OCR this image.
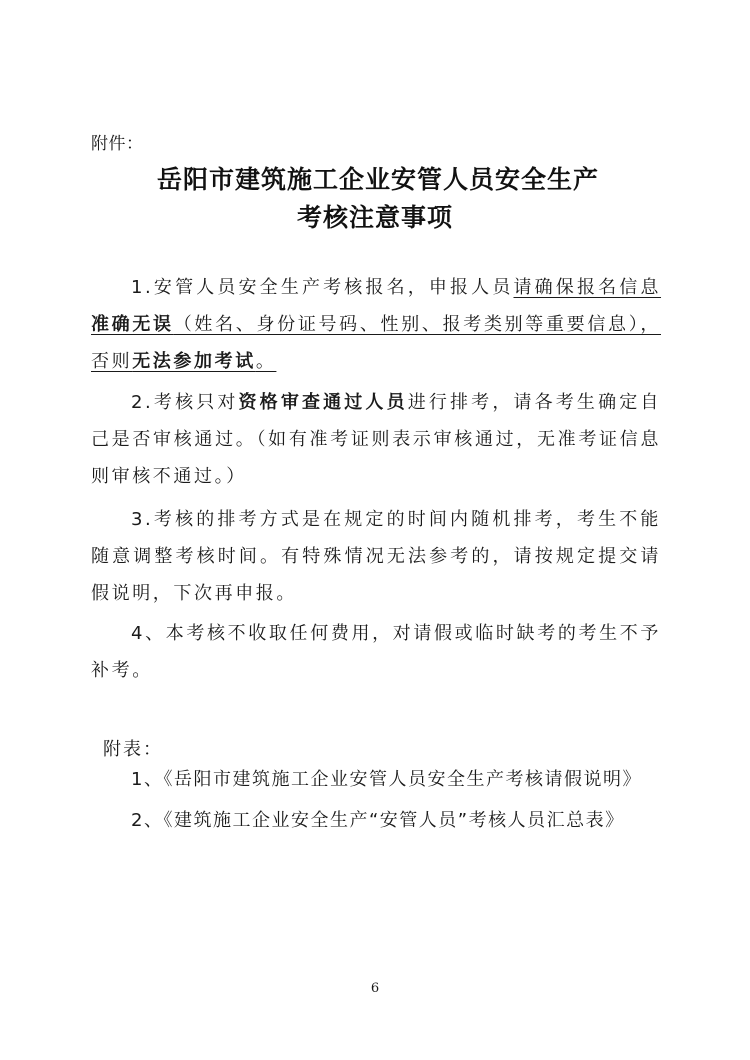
附件：
岳阳市建筑施工企业安管人员安全生产
考核注意事项
1.安管人员安全生产考核报名，申报人员请确保报名信息准确无误（姓名、身份证号码、性别、报考类别等重要信息），否则无法参加考试。
2.考核只对资格审查通过人员进行排考，请各考生确定自己是否审核通过。（如有准考证则表示审核通过，无准考证信息则审核不通过。）
3.考核的排考方式是在规定的时间内随机排考，考生不能随意调整考核时间。有特殊情况无法参考的，请按规定提交请假说明，下次再申报。
4、本考核不收取任何费用，对请假或临时缺考的考生不予补考。
附表：
1、《岳阳市建筑施工企业安管人员安全生产考核请假说明》
2、《建筑施工企业安全生产“安管人员”考核人员汇总表》
6
